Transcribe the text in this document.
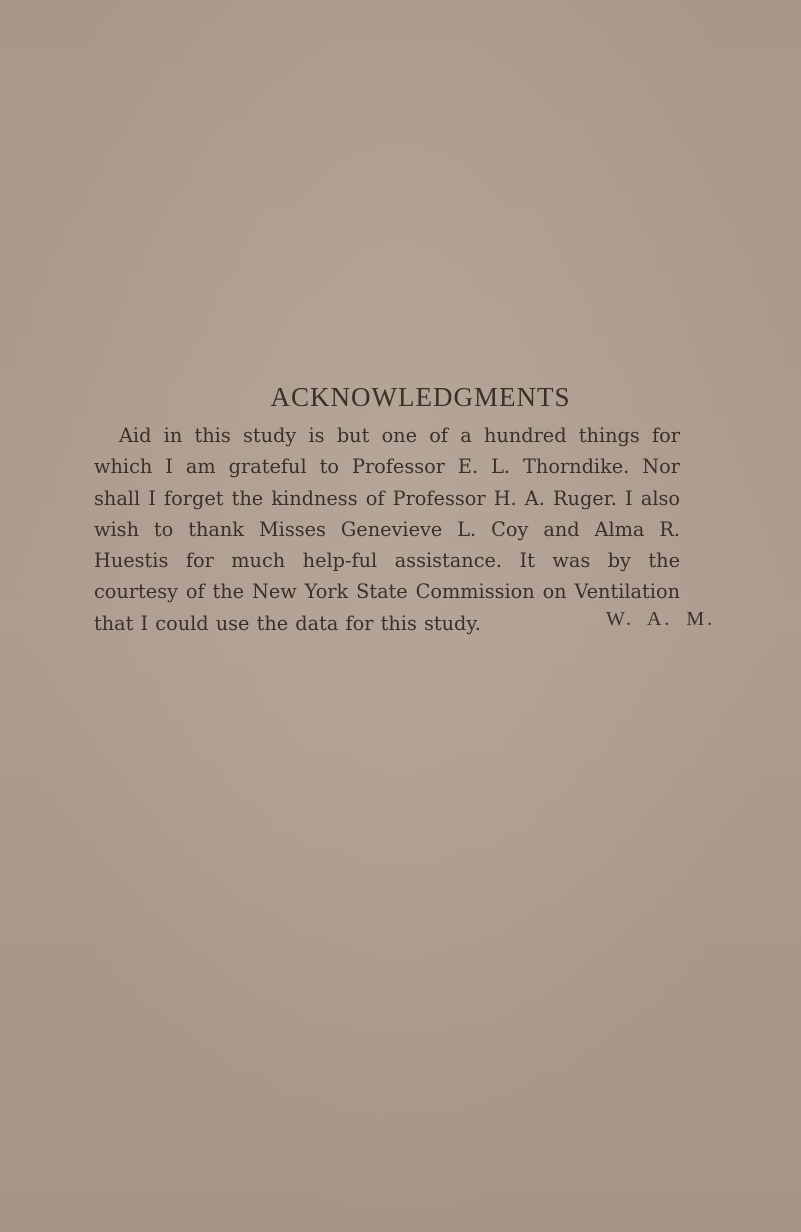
ACKNOWLEDGMENTS

Aid in this study is but one of a hundred things for which I am grateful to Professor E. L. Thorndike. Nor shall I forget the kindness of Professor H. A. Ruger. I also wish to thank Misses Genevieve L. Coy and Alma R. Huestis for much help-ful assistance. It was by the courtesy of the New York State Commission on Ventilation that I could use the data for this study.	W. A. M.
